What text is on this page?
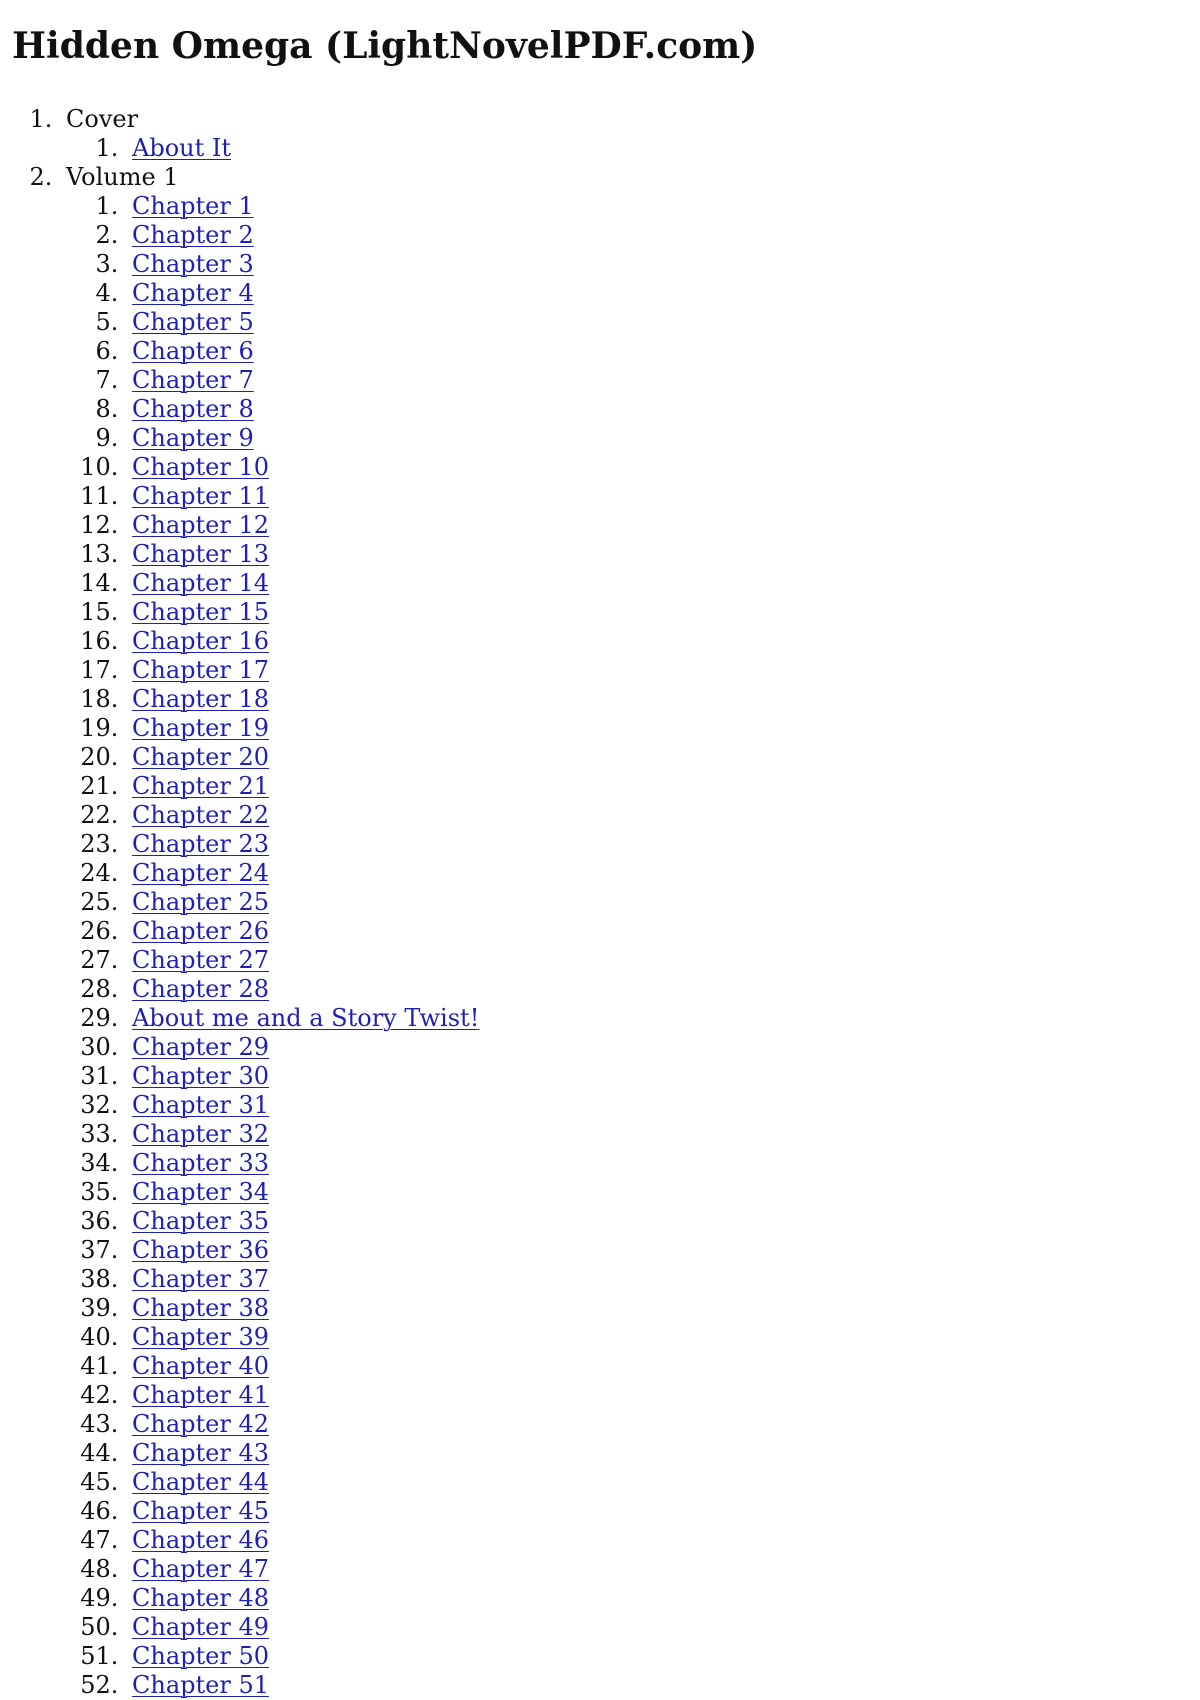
Hidden Omega (LightNovelPDF.com)
1 . Cover
1 . About It
2 . Volume 1
1 . Chapter 1
2 . Chapter 2
3 . Chapter 3
4 . Chapter 4
5 . Chapter 5
6 . Chapter 6
7 . Chapter 7
8 . Chapter 8
9 . Chapter 9
10 . Chapter 10
11 . Chapter 11
12 . Chapter 12
13 . Chapter 13
14 . Chapter 14
15 . Chapter 15
16 . Chapter 16
17 . Chapter 17
18 . Chapter 18
19 . Chapter 19
20 . Chapter 20
21 . Chapter 21
22 . Chapter 22
23 . Chapter 23
24 . Chapter 24
25 . Chapter 25
26 . Chapter 26
27 . Chapter 27
28 . Chapter 28
29 . About me and a Story Twist!
30 . Chapter 29
31 . Chapter 30
32 . Chapter 31
33 . Chapter 32
34 . Chapter 33
35 . Chapter 34
36 . Chapter 35
37 . Chapter 36
38 . Chapter 37
39 . Chapter 38
40 . Chapter 39
41 . Chapter 40
42 . Chapter 41
43 . Chapter 42
44 . Chapter 43
45 . Chapter 44
46 . Chapter 45
47 . Chapter 46
48 . Chapter 47
49 . Chapter 48
50 . Chapter 49
51 . Chapter 50
52 . Chapter 51
